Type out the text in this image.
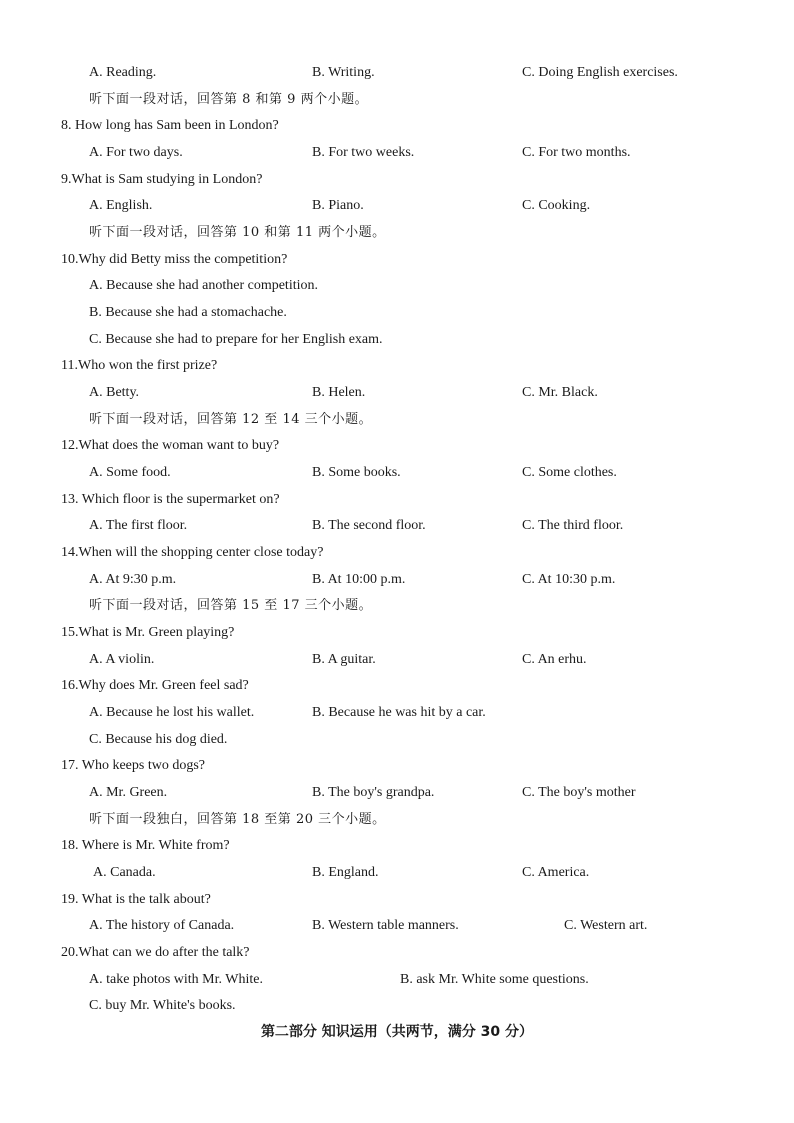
A. Reading.	B. Writing.	C. Doing English exercises.
听下面一段对话，回答第 8 和第 9 两个小题。
8. How long has Sam been in London?
A. For two days.	B. For two weeks.	C. For two months.
9.What is Sam studying in London?
A. English.	B. Piano.	C. Cooking.
听下面一段对话，回答第 10 和第 11 两个小题。
10.Why did Betty miss the competition?
A. Because she had another competition.
B. Because she had a stomachache.
C. Because she had to prepare for her English exam.
11.Who won the first prize?
A. Betty.	B. Helen.	C. Mr. Black.
听下面一段对话，回答第 12 至 14 三个小题。
12.What does the woman want to buy?
A. Some food.	B. Some books.	C. Some clothes.
13. Which floor is the supermarket on?
A. The first floor.	B. The second floor.	C. The third floor.
14.When will the shopping center close today?
A. At 9:30 p.m.	B. At 10:00 p.m.	C. At 10:30 p.m.
听下面一段对话，回答第 15 至 17 三个小题。
15.What is Mr. Green playing?
A. A violin.	B. A guitar.	C. An erhu.
16.Why does Mr. Green feel sad?
A. Because he lost his wallet.	B. Because he was hit by a car.
C. Because his dog died.
17. Who keeps two dogs?
A. Mr. Green.	B. The boy's grandpa.	C. The boy's mother
听下面一段独白，回答第 18 至第 20 三个小题。
18. Where is Mr. White from?
A. Canada.	B. England.	C. America.
19. What is the talk about?
A. The history of Canada.	B. Western table manners.	C. Western art.
20.What can we do after the talk?
A. take photos with Mr. White.	B. ask Mr. White some questions.
C. buy Mr. White's books.
第二部分 知识运用（共两节，满分 30 分）
